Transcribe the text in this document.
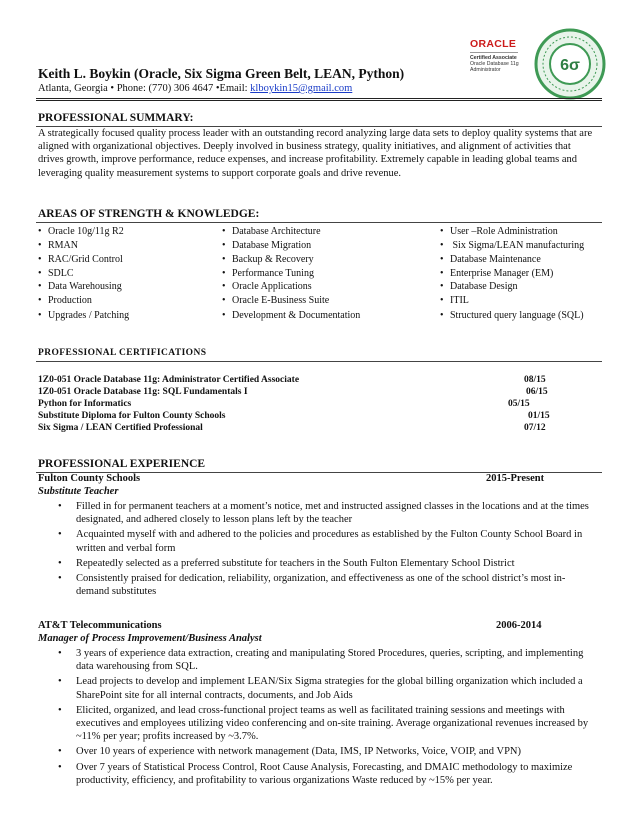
ORACLE
Certified Associate
Oracle Database 11g
Administrator	6σ
Keith L. Boykin (Oracle, Six Sigma Green Belt, LEAN, Python)
Atlanta, Georgia • Phone: (770) 306 4647 •Email: klboykin15@gmail.com
PROFESSIONAL SUMMARY:
A strategically focused quality process leader with an outstanding record analyzing large data sets to deploy quality systems that are aligned with organizational objectives. Deeply involved in business strategy, quality initiatives, and alignment of activities that drives growth, improve performance, reduce expenses, and increase profitability. Extremely capable in leading global teams and leveraging quality measurement systems to support corporate goals and drive revenue.
AREAS OF STRENGTH & KNOWLEDGE:
• Oracle 10g/11g R2
• RMAN
• RAC/Grid Control
• SDLC
• Data Warehousing
• Production
• Upgrades / Patching
• Database Architecture
• Database Migration
• Backup & Recovery
• Performance Tuning
• Oracle Applications
• Oracle E-Business Suite
• Development & Documentation
• User –Role Administration
• Six Sigma/LEAN manufacturing
• Database Maintenance
• Enterprise Manager (EM)
• Database Design
• ITIL
• Structured query language (SQL)
PROFESSIONAL CERTIFICATIONS
1Z0-051 Oracle Database 11g: Administrator Certified Associate	08/15
1Z0-051 Oracle Database 11g: SQL Fundamentals I	06/15
Python for Informatics	05/15
Substitute Diploma for Fulton County Schools	01/15
Six Sigma / LEAN Certified Professional	07/12
PROFESSIONAL EXPERIENCE
Fulton County Schools	2015-Present
Substitute Teacher
• Filled in for permanent teachers at a moment’s notice, met and instructed assigned classes in the locations and at the times designated, and adhered closely to lesson plans left by the teacher
• Acquainted myself with and adhered to the policies and procedures as established by the Fulton County School Board in written and verbal form
• Repeatedly selected as a preferred substitute for teachers in the South Fulton Elementary School District
• Consistently praised for dedication, reliability, organization, and effectiveness as one of the school district’s most in-demand substitutes
AT&T Telecommunications	2006-2014
Manager of Process Improvement/Business Analyst
• 3 years of experience data extraction, creating and manipulating Stored Procedures, queries, scripting, and implementing data warehousing from SQL.
• Lead projects to develop and implement LEAN/Six Sigma strategies for the global billing organization which included a SharePoint site for all internal contracts, documents, and Job Aids
• Elicited, organized, and lead cross-functional project teams as well as facilitated training sessions and meetings with executives and employees utilizing video conferencing and on-site training. Average organizational revenues increased by ~11% per year; profits increased by ~3.7%.
• Over 10 years of experience with network management (Data, IMS, IP Networks, Voice, VOIP, and VPN)
• Over 7 years of Statistical Process Control, Root Cause Analysis, Forecasting, and DMAIC methodology to maximize productivity, efficiency, and profitability to various organizations Waste reduced by ~15% per year.
